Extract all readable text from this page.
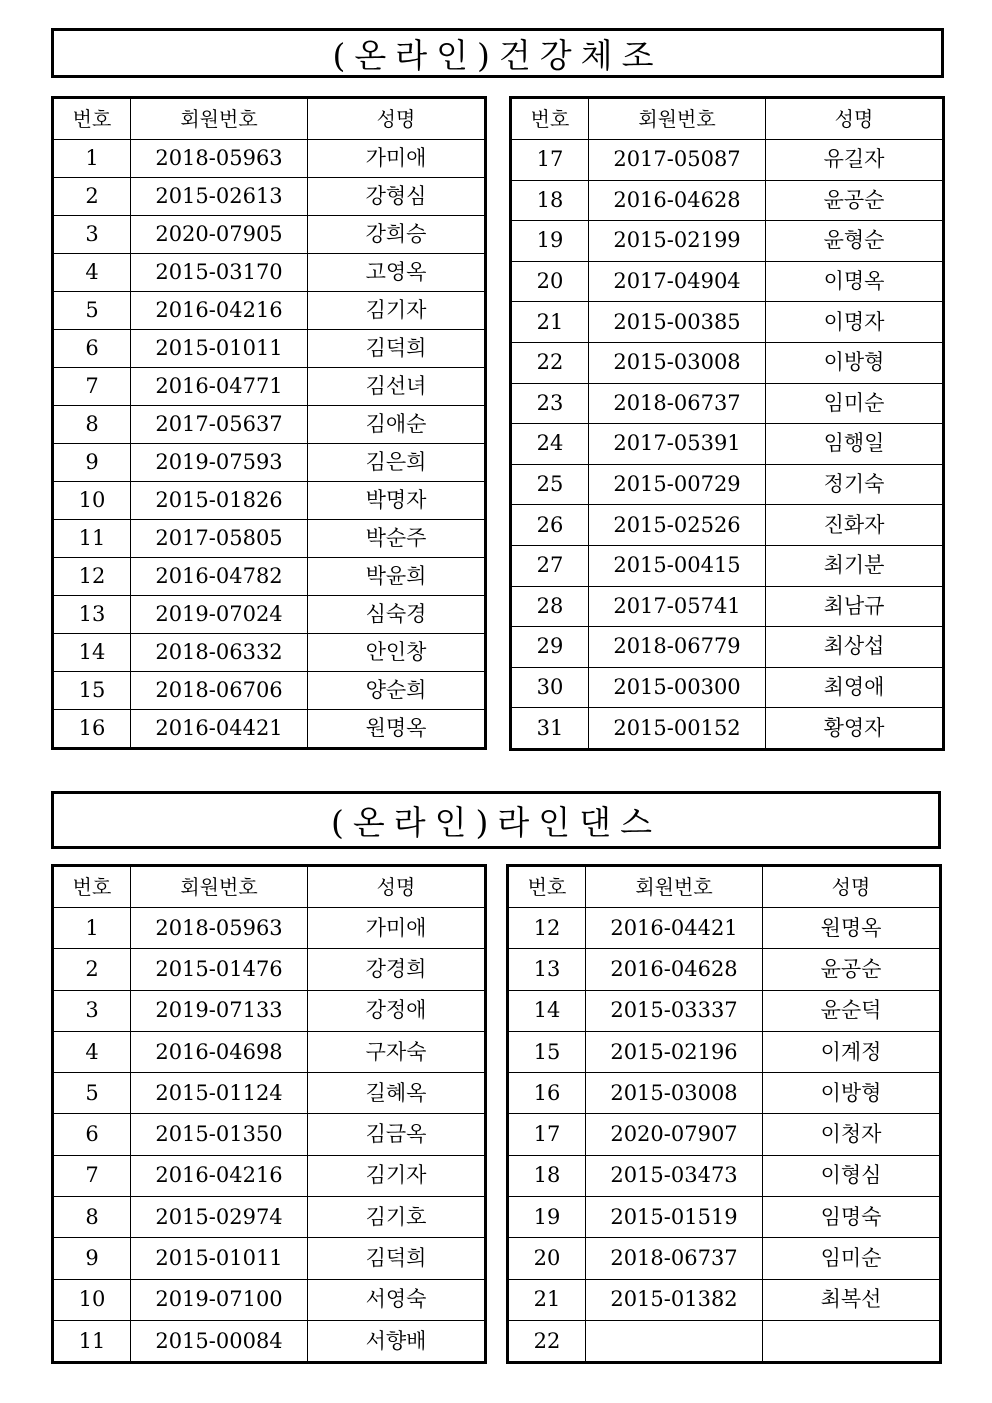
(온라인)건강체조
번호	회원번호	성명
1	2018-05963	가미애
2	2015-02613	강형심
3	2020-07905	강희승
4	2015-03170	고영옥
5	2016-04216	김기자
6	2015-01011	김덕희
7	2016-04771	김선녀
8	2017-05637	김애순
9	2019-07593	김은희
10	2015-01826	박명자
11	2017-05805	박순주
12	2016-04782	박윤희
13	2019-07024	심숙경
14	2018-06332	안인창
15	2018-06706	양순희
16	2016-04421	원명옥
번호	회원번호	성명
17	2017-05087	유길자
18	2016-04628	윤공순
19	2015-02199	윤형순
20	2017-04904	이명옥
21	2015-00385	이명자
22	2015-03008	이방형
23	2018-06737	임미순
24	2017-05391	임행일
25	2015-00729	정기숙
26	2015-02526	진화자
27	2015-00415	최기분
28	2017-05741	최남규
29	2018-06779	최상섭
30	2015-00300	최영애
31	2015-00152	황영자
(온라인)라인댄스
번호	회원번호	성명
1	2018-05963	가미애
2	2015-01476	강경희
3	2019-07133	강정애
4	2016-04698	구자숙
5	2015-01124	길혜옥
6	2015-01350	김금옥
7	2016-04216	김기자
8	2015-02974	김기호
9	2015-01011	김덕희
10	2019-07100	서영숙
11	2015-00084	서향배
번호	회원번호	성명
12	2016-04421	원명옥
13	2016-04628	윤공순
14	2015-03337	윤순덕
15	2015-02196	이계정
16	2015-03008	이방형
17	2020-07907	이청자
18	2015-03473	이형심
19	2015-01519	임명숙
20	2018-06737	임미순
21	2015-01382	최복선
22		
